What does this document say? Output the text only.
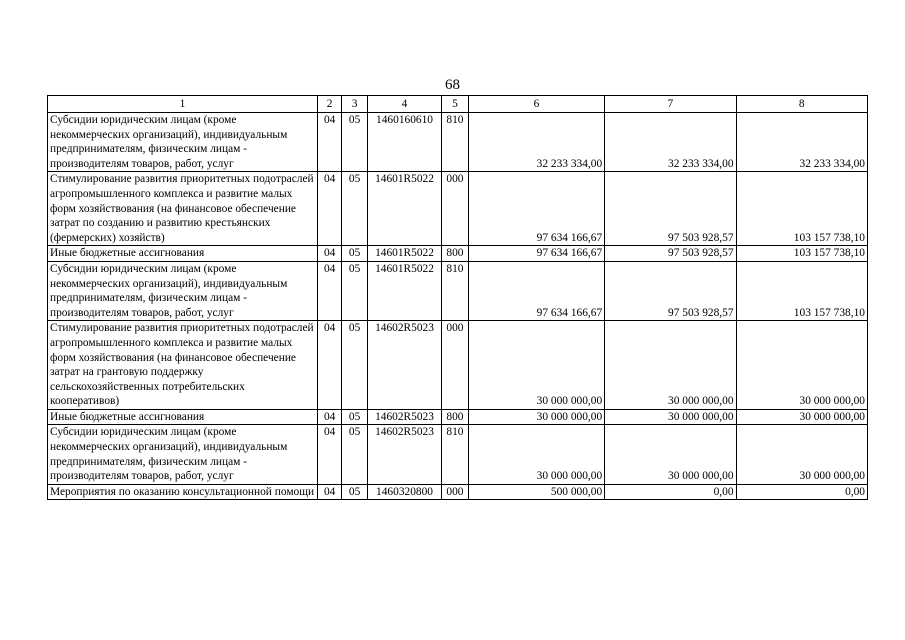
68
1	2	3	4	5	6	7	8
Субсидии юридическим лицам (кроме некоммерческих организаций), индивидуальным предпринимателям, физическим лицам - производителям товаров, работ, услуг	04	05	1460160610	810	32 233 334,00	32 233 334,00	32 233 334,00
Стимулирование развития приоритетных подотраслей агропромышленного комплекса и развитие малых форм хозяйствования (на финансовое обеспечение затрат по созданию и развитию крестьянских (фермерских) хозяйств)	04	05	14601R5022	000	97 634 166,67	97 503 928,57	103 157 738,10
Иные бюджетные ассигнования	04	05	14601R5022	800	97 634 166,67	97 503 928,57	103 157 738,10
Субсидии юридическим лицам (кроме некоммерческих организаций), индивидуальным предпринимателям, физическим лицам - производителям товаров, работ, услуг	04	05	14601R5022	810	97 634 166,67	97 503 928,57	103 157 738,10
Стимулирование развития приоритетных подотраслей агропромышленного комплекса и развитие малых форм хозяйствования (на финансовое обеспечение затрат на грантовую поддержку сельскохозяйственных потребительских кооперативов)	04	05	14602R5023	000	30 000 000,00	30 000 000,00	30 000 000,00
Иные бюджетные ассигнования	04	05	14602R5023	800	30 000 000,00	30 000 000,00	30 000 000,00
Субсидии юридическим лицам (кроме некоммерческих организаций), индивидуальным предпринимателям, физическим лицам - производителям товаров, работ, услуг	04	05	14602R5023	810	30 000 000,00	30 000 000,00	30 000 000,00
Мероприятия по оказанию консультационной помощи	04	05	1460320800	000	500 000,00	0,00	0,00
